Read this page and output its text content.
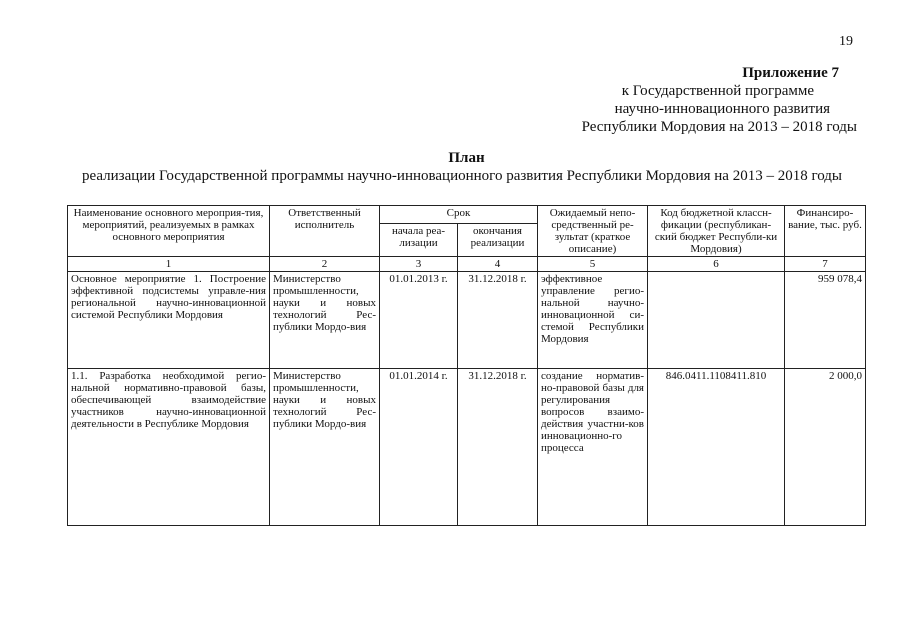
19
Приложение 7
к Государственной программе
научно-инновационного развития
Республики Мордовия на 2013 – 2018 годы
План
реализации Государственной программы научно-инновационного развития Республики Мордовия на 2013 – 2018 годы
Наименование основного мероприя-тия, мероприятий, реализуемых в рамках основного мероприятия	Ответственный исполнитель	Срок		Ожидаемый непо-средственный ре-зультат (краткое описание)	Код бюджетной классн-фикации (республикан-ский бюджет Республи-ки Мордовия)	Финансиро-вание, тыс. руб.
		начала реа-лизации	окончания реализации			
1	2	3	4	5	6	7
Основное мероприятие 1. Построение эффективной подсистемы управле-ния региональной научно-инновационной системой Республики Мордовия	Министерство промышленности, науки и новых технологий Рес-публики Мордо-вия	01.01.2013 г.	31.12.2018 г.	эффективное управление регио-нальной научно-инновационной си-стемой Республики Мордовия		959 078,4
1.1. Разработка необходимой регио-нальной нормативно-правовой базы, обеспечивающей взаимодействие участников научно-инновационной деятельности в Республике Мордовия	Министерство промышленности, науки и новых технологий Рес-публики Мордо-вия	01.01.2014 г.	31.12.2018 г.	создание норматив-но-правовой базы для регулирования вопросов взаимо-действия участни-ков инновационно-го процесса	846.0411.1108411.810	2 000,0
